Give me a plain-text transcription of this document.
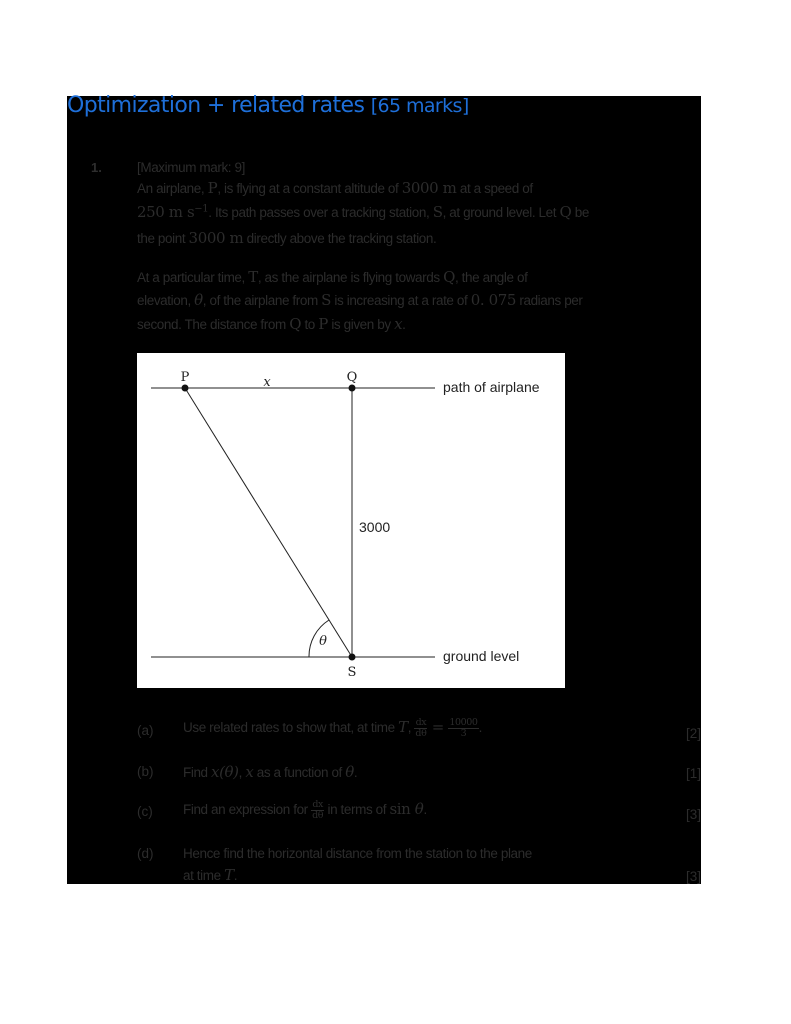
Optimization + related rates [65 marks]
1.	[Maximum mark: 9]
An airplane, P, is flying at a constant altitude of 3000 m at a speed of
250 m $s^{-1}$. Its path passes over a tracking station, S, at ground level. Let Q be
the point 3000 m directly above the tracking station.
At a particular time, T, as the airplane is flying towards Q, the angle of
elevation, θ, of the airplane from S is increasing at a rate of 0. 075 radians per
second. The distance from Q to P is given by x.
P	x	Q
path of airplane
3000
θ
S
ground level
(a) Use related rates to show that, at time T, $\frac{dx}{d\theta} = \frac{10000}{3}$ .	[2]
(b) Find x(θ), x as a function of θ.	[1]
(c) Find an expression for $\frac{dx}{d\theta}$ in terms of sin θ.	[3]
(d) Hence find the horizontal distance from the station to the plane
at time T.	[3]
